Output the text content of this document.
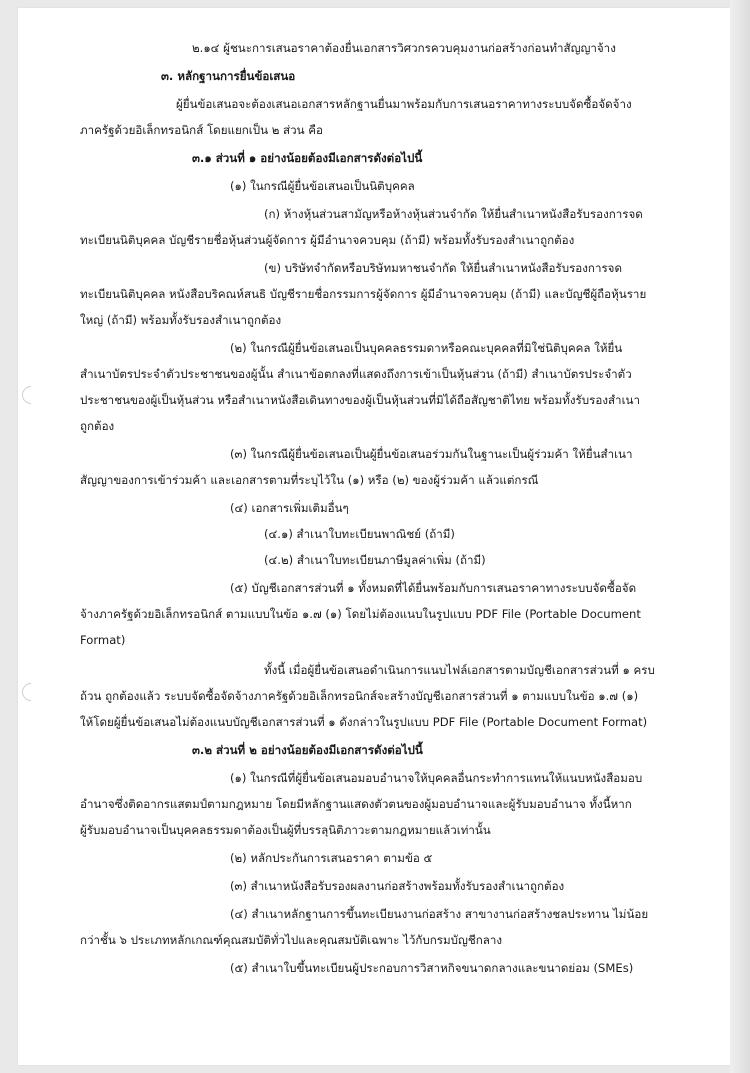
๒.๑๔ ผู้ชนะการเสนอราคาต้องยื่นเอกสารวิศวกรควบคุมงานก่อสร้างก่อนทำสัญญาจ้าง
๓. หลักฐานการยื่นข้อเสนอ
ผู้ยื่นข้อเสนอจะต้องเสนอเอกสารหลักฐานยื่นมาพร้อมกับการเสนอราคาทางระบบจัดซื้อจัดจ้าง
ภาครัฐด้วยอิเล็กทรอนิกส์ โดยแยกเป็น ๒ ส่วน คือ
๓.๑ ส่วนที่ ๑ อย่างน้อยต้องมีเอกสารดังต่อไปนี้
(๑) ในกรณีผู้ยื่นข้อเสนอเป็นนิติบุคคล
(ก) ห้างหุ้นส่วนสามัญหรือห้างหุ้นส่วนจำกัด ให้ยื่นสำเนาหนังสือรับรองการจด
ทะเบียนนิติบุคคล บัญชีรายชื่อหุ้นส่วนผู้จัดการ ผู้มีอำนาจควบคุม (ถ้ามี) พร้อมทั้งรับรองสำเนาถูกต้อง
(ข) บริษัทจำกัดหรือบริษัทมหาชนจำกัด ให้ยื่นสำเนาหนังสือรับรองการจด
ทะเบียนนิติบุคคล หนังสือบริคณห์สนธิ บัญชีรายชื่อกรรมการผู้จัดการ ผู้มีอำนาจควบคุม (ถ้ามี) และบัญชีผู้ถือหุ้นราย
ใหญ่ (ถ้ามี) พร้อมทั้งรับรองสำเนาถูกต้อง
(๒) ในกรณีผู้ยื่นข้อเสนอเป็นบุคคลธรรมดาหรือคณะบุคคลที่มิใช่นิติบุคคล ให้ยื่น
สำเนาบัตรประจำตัวประชาชนของผู้นั้น สำเนาข้อตกลงที่แสดงถึงการเข้าเป็นหุ้นส่วน (ถ้ามี) สำเนาบัตรประจำตัว
ประชาชนของผู้เป็นหุ้นส่วน หรือสำเนาหนังสือเดินทางของผู้เป็นหุ้นส่วนที่มิได้ถือสัญชาติไทย พร้อมทั้งรับรองสำเนา
ถูกต้อง
(๓) ในกรณีผู้ยื่นข้อเสนอเป็นผู้ยื่นข้อเสนอร่วมกันในฐานะเป็นผู้ร่วมค้า ให้ยื่นสำเนา
สัญญาของการเข้าร่วมค้า และเอกสารตามที่ระบุไว้ใน (๑) หรือ (๒) ของผู้ร่วมค้า แล้วแต่กรณี
(๔) เอกสารเพิ่มเติมอื่นๆ
(๔.๑) สำเนาใบทะเบียนพาณิชย์ (ถ้ามี)
(๔.๒) สำเนาใบทะเบียนภาษีมูลค่าเพิ่ม (ถ้ามี)
(๕) บัญชีเอกสารส่วนที่ ๑ ทั้งหมดที่ได้ยื่นพร้อมกับการเสนอราคาทางระบบจัดซื้อจัด
จ้างภาครัฐด้วยอิเล็กทรอนิกส์ ตามแบบในข้อ ๑.๗ (๑) โดยไม่ต้องแนบในรูปแบบ PDF File (Portable Document
Format)
ทั้งนี้ เมื่อผู้ยื่นข้อเสนอดำเนินการแนบไฟล์เอกสารตามบัญชีเอกสารส่วนที่ ๑ ครบ
ถ้วน ถูกต้องแล้ว ระบบจัดซื้อจัดจ้างภาครัฐด้วยอิเล็กทรอนิกส์จะสร้างบัญชีเอกสารส่วนที่ ๑ ตามแบบในข้อ ๑.๗ (๑)
ให้โดยผู้ยื่นข้อเสนอไม่ต้องแนบบัญชีเอกสารส่วนที่ ๑ ดังกล่าวในรูปแบบ PDF File (Portable Document Format)
๓.๒ ส่วนที่ ๒ อย่างน้อยต้องมีเอกสารดังต่อไปนี้
(๑) ในกรณีที่ผู้ยื่นข้อเสนอมอบอำนาจให้บุคคลอื่นกระทำการแทนให้แนบหนังสือมอบ
อำนาจซึ่งติดอากรแสตมป์ตามกฎหมาย โดยมีหลักฐานแสดงตัวตนของผู้มอบอำนาจและผู้รับมอบอำนาจ ทั้งนี้หาก
ผู้รับมอบอำนาจเป็นบุคคลธรรมดาต้องเป็นผู้ที่บรรลุนิติภาวะตามกฎหมายแล้วเท่านั้น
(๒) หลักประกันการเสนอราคา ตามข้อ ๕
(๓) สำเนาหนังสือรับรองผลงานก่อสร้างพร้อมทั้งรับรองสำเนาถูกต้อง
(๔) สำเนาหลักฐานการขึ้นทะเบียนงานก่อสร้าง สาขางานก่อสร้างชลประทาน ไม่น้อย
กว่าชั้น ๖ ประเภทหลักเกณฑ์คุณสมบัติทั่วไปและคุณสมบัติเฉพาะ ไว้กับกรมบัญชีกลาง
(๕) สำเนาใบขึ้นทะเบียนผู้ประกอบการวิสาหกิจขนาดกลางและขนาดย่อม (SMEs)
